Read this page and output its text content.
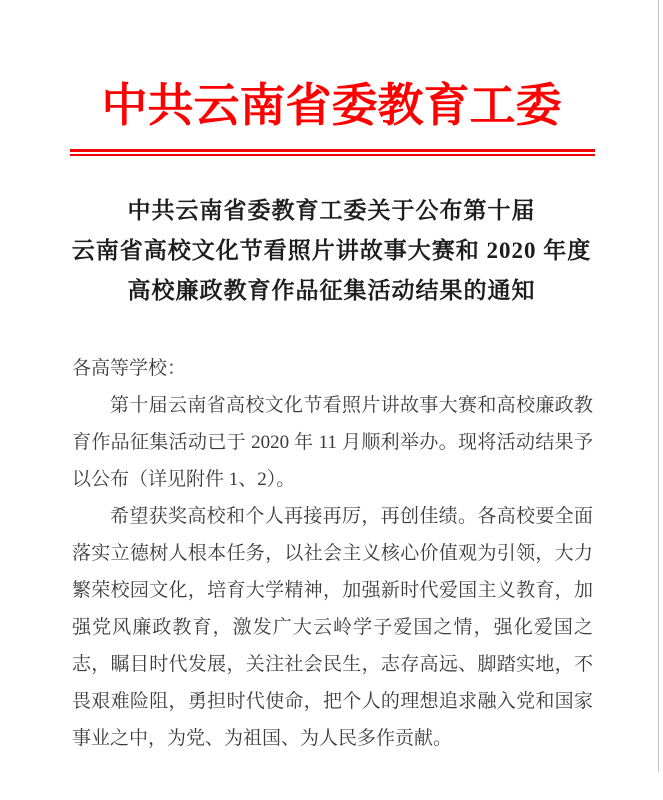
中共云南省委教育工委
中共云南省委教育工委关于公布第十届
云南省高校文化节看照片讲故事大赛和 2020 年度
高校廉政教育作品征集活动结果的通知

各高等学校：

第十届云南省高校文化节看照片讲故事大赛和高校廉政教育作品征集活动已于 2020 年 11 月顺利举办。现将活动结果予以公布（详见附件 1、2）。

希望获奖高校和个人再接再厉，再创佳绩。各高校要全面落实立德树人根本任务，以社会主义核心价值观为引领，大力繁荣校园文化，培育大学精神，加强新时代爱国主义教育，加强党风廉政教育，激发广大云岭学子爱国之情，强化爱国之志，瞩目时代发展，关注社会民生，志存高远、脚踏实地，不畏艰难险阻，勇担时代使命，把个人的理想追求融入党和国家事业之中，为党、为祖国、为人民多作贡献。
